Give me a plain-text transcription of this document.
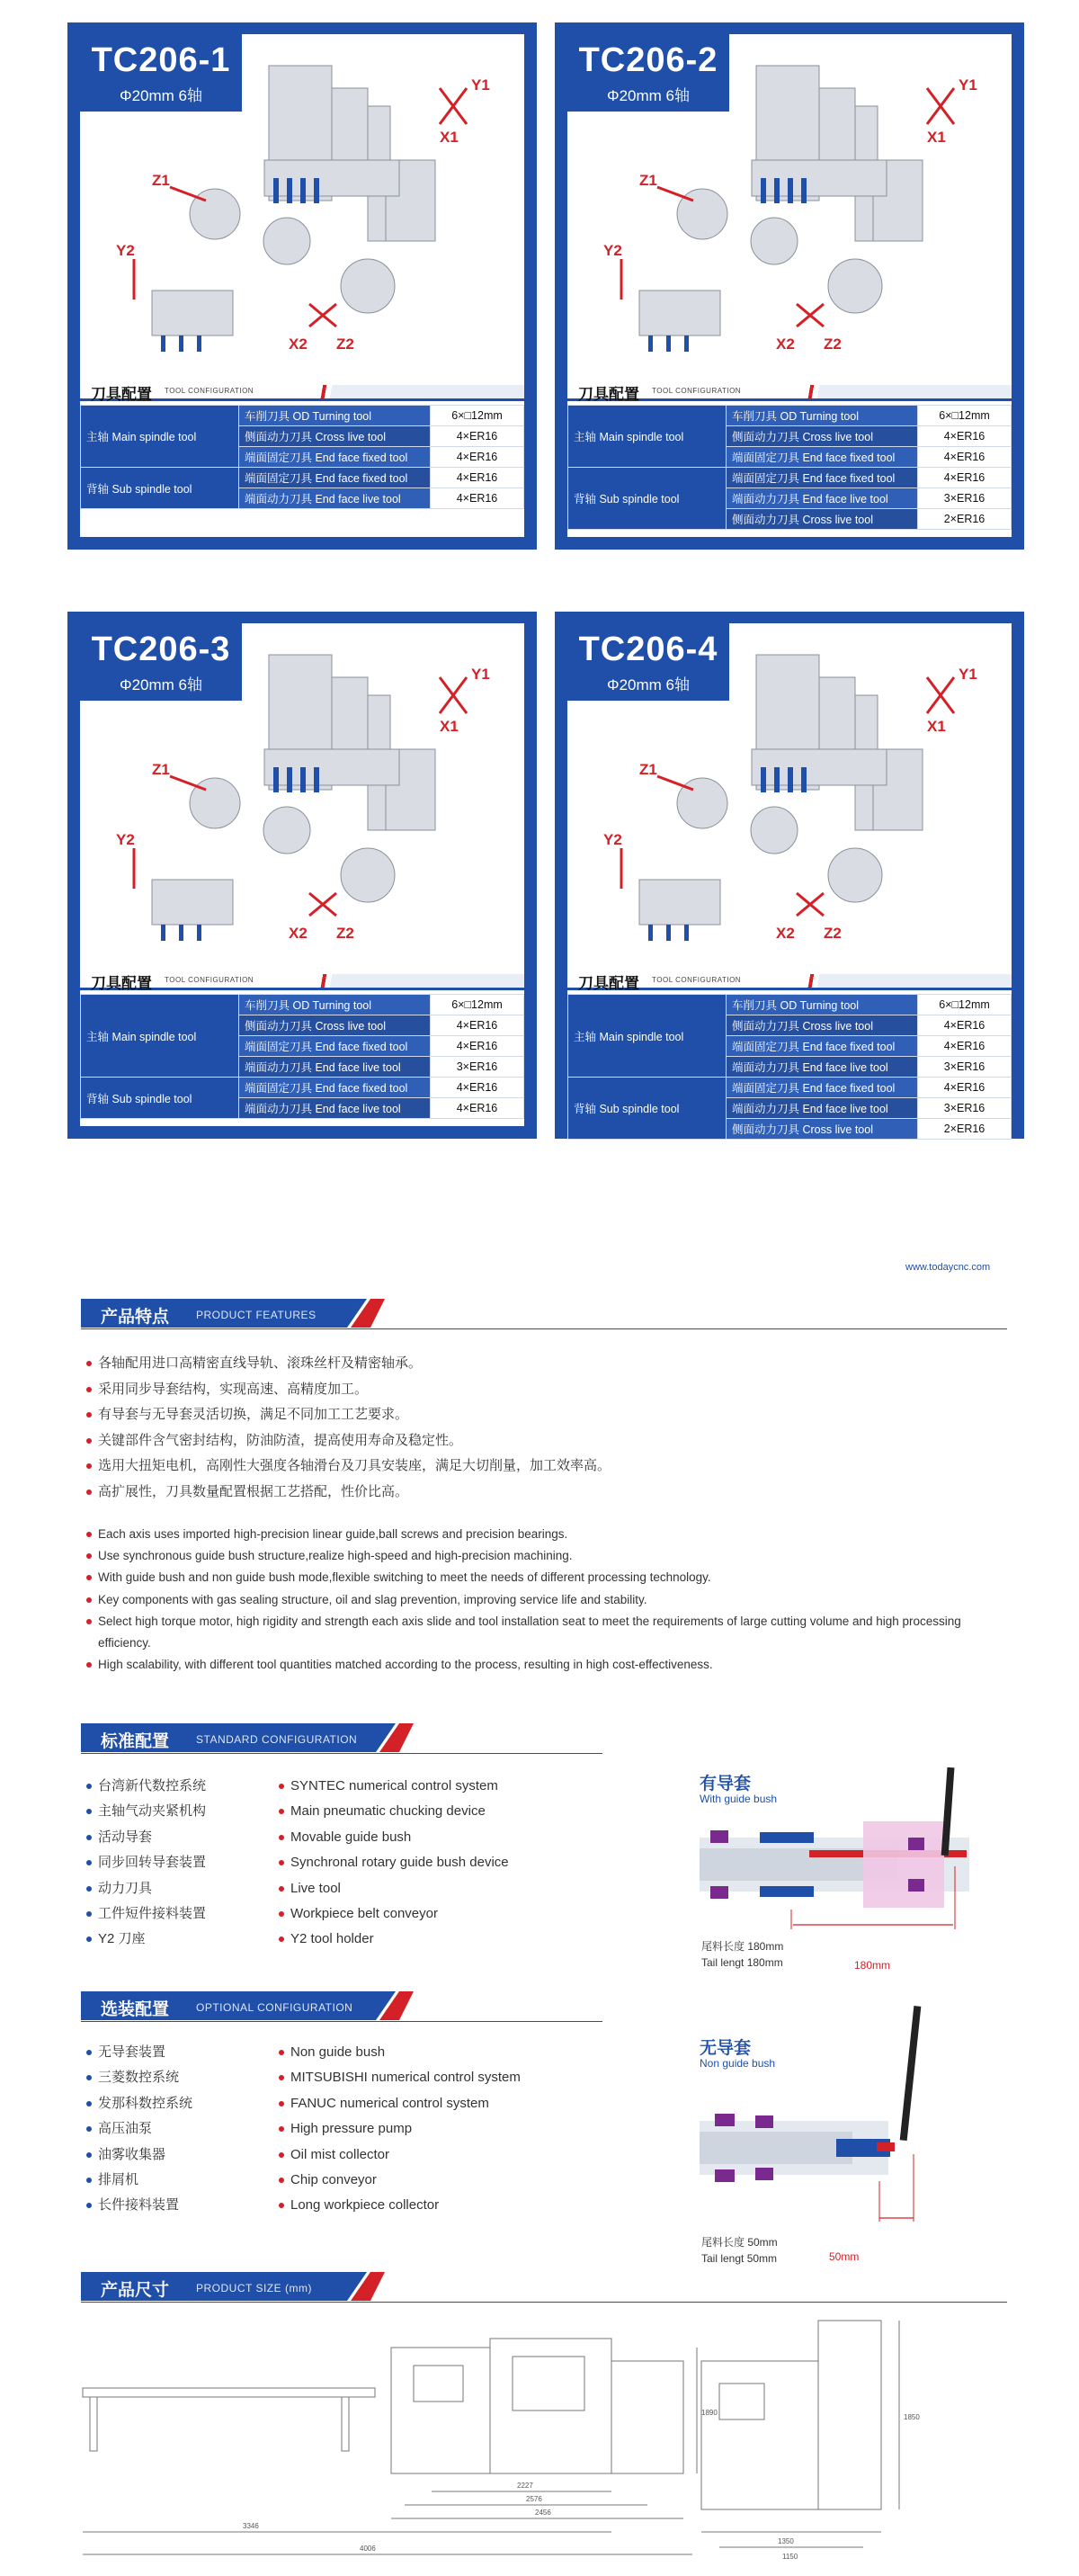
TC206-1
Φ20mm 6轴
Y1
X1
Z1
Y2
X2 Z2
刀具配置 TOOL CONFIGURATION
主轴 Main spindle tool	车削刀具 OD Turning tool	6×□12mm
	侧面动力刀具 Cross live tool	4×ER16
	端面固定刀具 End face fixed tool	4×ER16
背轴 Sub spindle tool	端面固定刀具 End face fixed tool	4×ER16
	端面动力刀具 End face live tool	4×ER16
TC206-2
Φ20mm 6轴
Y1
X1
Z1
Y2
X2 Z2
刀具配置 TOOL CONFIGURATION
主轴 Main spindle tool	车削刀具 OD Turning tool	6×□12mm
	侧面动力刀具 Cross live tool	4×ER16
	端面固定刀具 End face fixed tool	4×ER16
背轴 Sub spindle tool	端面固定刀具 End face fixed tool	4×ER16
	端面动力刀具 End face live tool	3×ER16
	侧面动力刀具 Cross live tool	2×ER16
TC206-3
Φ20mm 6轴
Y1
X1
Z1
Y2
X2 Z2
刀具配置 TOOL CONFIGURATION
主轴 Main spindle tool	车削刀具 OD Turning tool	6×□12mm
	侧面动力刀具 Cross live tool	4×ER16
	端面固定刀具 End face fixed tool	4×ER16
	端面动力刀具 End face live tool	3×ER16
背轴 Sub spindle tool	端面固定刀具 End face fixed tool	4×ER16
	端面动力刀具 End face live tool	4×ER16
TC206-4
Φ20mm 6轴
Y1
X1
Z1
Y2
X2 Z2
刀具配置 TOOL CONFIGURATION
主轴 Main spindle tool	车削刀具 OD Turning tool	6×□12mm
	侧面动力刀具 Cross live tool	4×ER16
	端面固定刀具 End face fixed tool	4×ER16
	端面动力刀具 End face live tool	3×ER16
背轴 Sub spindle tool	端面固定刀具 End face fixed tool	4×ER16
	端面动力刀具 End face live tool	3×ER16
	侧面动力刀具 Cross live tool	2×ER16
www.todaycnc.com
产品特点 PRODUCT FEATURES
各轴配用进口高精密直线导轨、滚珠丝杆及精密轴承。
采用同步导套结构，实现高速、高精度加工。
有导套与无导套灵活切换，满足不同加工工艺要求。
关键部件含气密封结构，防油防渣，提高使用寿命及稳定性。
选用大扭矩电机，高刚性大强度各轴滑台及刀具安装座，满足大切削量，加工效率高。
高扩展性，刀具数量配置根据工艺搭配，性价比高。
Each axis uses imported high-precision linear guide,ball screws and precision bearings.
Use synchronous guide bush structure,realize high-speed and high-precision machining.
With guide bush and non guide bush mode,flexible switching to meet the needs of different processing technology.
Key components with gas sealing structure, oil and slag prevention, improving service life and stability.
Select high torque motor, high rigidity and strength each axis slide and tool installation seat to meet the requirements of large cutting volume and high processing efficiency.
High scalability, with different tool quantities matched according to the process, resulting in high cost-effectiveness.
标准配置 STANDARD CONFIGURATION
台湾新代数控系统
主轴气动夹紧机构
活动导套
同步回转导套装置
动力刀具
工件短件接料装置
Y2 刀座
SYNTEC numerical control system
Main pneumatic chucking device
Movable guide bush
Synchronal rotary guide bush device
Live tool
Workpiece belt conveyor
Y2 tool holder
选装配置 OPTIONAL CONFIGURATION
无导套装置
三菱数控系统
发那科数控系统
高压油泵
油雾收集器
排屑机
长件接料装置
Non guide bush
MITSUBISHI numerical control system
FANUC numerical control system
High pressure pump
Oil mist collector
Chip conveyor
Long workpiece collector
有导套
With guide bush
尾料长度 180mm
Tail lengt 180mm	180mm
无导套
Non guide bush
尾料长度 50mm
Tail lengt 50mm	50mm
产品尺寸 PRODUCT SIZE (mm)
3346
4006
2227
2576
2456
1890
1350
1150
1850
